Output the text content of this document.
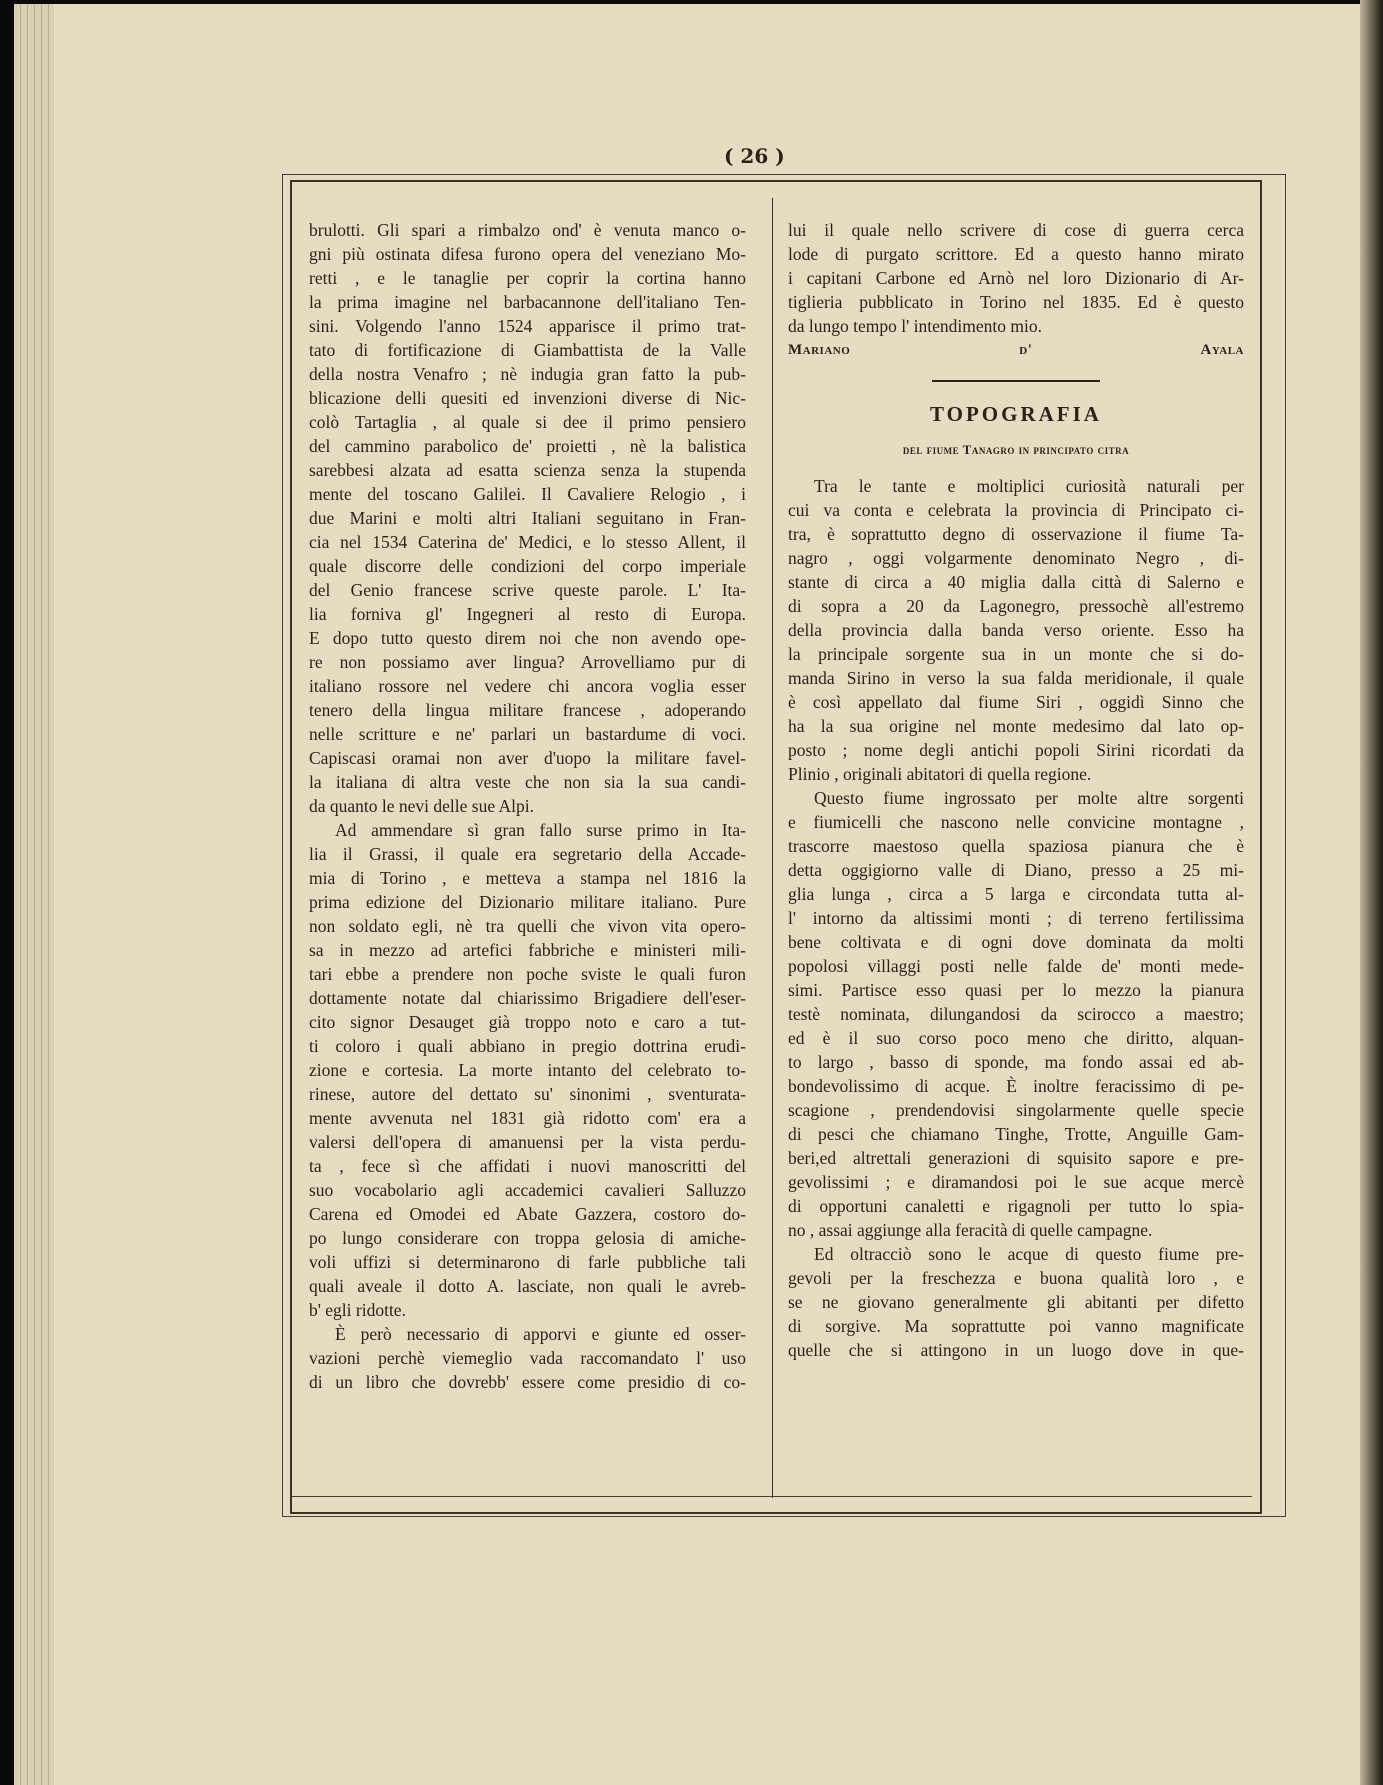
( 26 )
brulotti. Gli spari a rimbalzo ond' è venuta manco o-
gni più ostinata difesa furono opera del veneziano Mo-
retti , e le tanaglie per coprir la cortina hanno
la prima imagine nel barbacannone dell'italiano Ten-
sini. Volgendo l'anno 1524 apparisce il primo trat-
tato di fortificazione di Giambattista de la Valle
della nostra Venafro ; nè indugia gran fatto la pub-
blicazione delli quesiti ed invenzioni diverse di Nic-
colò Tartaglia , al quale si dee il primo pensiero
del cammino parabolico de' proietti , nè la balistica
sarebbesi alzata ad esatta scienza senza la stupenda
mente del toscano Galilei. Il Cavaliere Relogio , i
due Marini e molti altri Italiani seguitano in Fran-
cia nel 1534 Caterina de' Medici, e lo stesso Allent, il
quale discorre delle condizioni del corpo imperiale
del Genio francese scrive queste parole. L' Ita-
lia forniva gl' Ingegneri al resto di Europa.
E dopo tutto questo direm noi che non avendo ope-
re non possiamo aver lingua? Arrovelliamo pur di
italiano rossore nel vedere chi ancora voglia esser
tenero della lingua militare francese , adoperando
nelle scritture e ne' parlari un bastardume di voci.
Capiscasi oramai non aver d'uopo la militare favel-
la italiana di altra veste che non sia la sua candi-
da quanto le nevi delle sue Alpi.
Ad ammendare sì gran fallo surse primo in Ita-
lia il Grassi, il quale era segretario della Accade-
mia di Torino , e metteva a stampa nel 1816 la
prima edizione del Dizionario militare italiano. Pure
non soldato egli, nè tra quelli che vivon vita opero-
sa in mezzo ad artefici fabbriche e ministeri mili-
tari ebbe a prendere non poche sviste le quali furon
dottamente notate dal chiarissimo Brigadiere dell'eser-
cito signor Desauget già troppo noto e caro a tut-
ti coloro i quali abbiano in pregio dottrina erudi-
zione e cortesia. La morte intanto del celebrato to-
rinese, autore del dettato su' sinonimi , sventurata-
mente avvenuta nel 1831 già ridotto com' era a
valersi dell'opera di amanuensi per la vista perdu-
ta , fece sì che affidati i nuovi manoscritti del
suo vocabolario agli accademici cavalieri Salluzzo
Carena ed Omodei ed Abate Gazzera, costoro do-
po lungo considerare con troppa gelosia di amiche-
voli uffizi si determinarono di farle pubbliche tali
quali aveale il dotto A. lasciate, non quali le avreb-
b' egli ridotte.
È però necessario di apporvi e giunte ed osser-
vazioni perchè viemeglio vada raccomandato l' uso
di un libro che dovrebb' essere come presidio di co-
lui il quale nello scrivere di cose di guerra cerca
lode di purgato scrittore. Ed a questo hanno mirato
i capitani Carbone ed Arnò nel loro Dizionario di Ar-
tiglieria pubblicato in Torino nel 1835. Ed è questo
da lungo tempo l' intendimento mio.
Mariano d' Ayala
TOPOGRAFIA
del fiume Tanagro in principato citra
Tra le tante e moltiplici curiosità naturali per
cui va conta e celebrata la provincia di Principato ci-
tra, è soprattutto degno di osservazione il fiume Ta-
nagro , oggi volgarmente denominato Negro , di-
stante di circa a 40 miglia dalla città di Salerno e
di sopra a 20 da Lagonegro, pressochè all'estremo
della provincia dalla banda verso oriente. Esso ha
la principale sorgente sua in un monte che si do-
manda Sirino in verso la sua falda meridionale, il quale
è così appellato dal fiume Siri , oggidì Sinno che
ha la sua origine nel monte medesimo dal lato op-
posto ; nome degli antichi popoli Sirini ricordati da
Plinio , originali abitatori di quella regione.
Questo fiume ingrossato per molte altre sorgenti
e fiumicelli che nascono nelle convicine montagne ,
trascorre maestoso quella spaziosa pianura che è
detta oggigiorno valle di Diano, presso a 25 mi-
glia lunga , circa a 5 larga e circondata tutta al-
l' intorno da altissimi monti ; di terreno fertilissima
bene coltivata e di ogni dove dominata da molti
popolosi villaggi posti nelle falde de' monti mede-
simi. Partisce esso quasi per lo mezzo la pianura
testè nominata, dilungandosi da scirocco a maestro;
ed è il suo corso poco meno che diritto, alquan-
to largo , basso di sponde, ma fondo assai ed ab-
bondevolissimo di acque. È inoltre feracissimo di pe-
scagione , prendendovisi singolarmente quelle specie
di pesci che chiamano Tinghe, Trotte, Anguille Gam-
beri,ed altrettali generazioni di squisito sapore e pre-
gevolissimi ; e diramandosi poi le sue acque mercè
di opportuni canaletti e rigagnoli per tutto lo spia-
no , assai aggiunge alla feracità di quelle campagne.
Ed oltracciò sono le acque di questo fiume pre-
gevoli per la freschezza e buona qualità loro , e
se ne giovano generalmente gli abitanti per difetto
di sorgive. Ma soprattutte poi vanno magnificate
quelle che si attingono in un luogo dove in que-
